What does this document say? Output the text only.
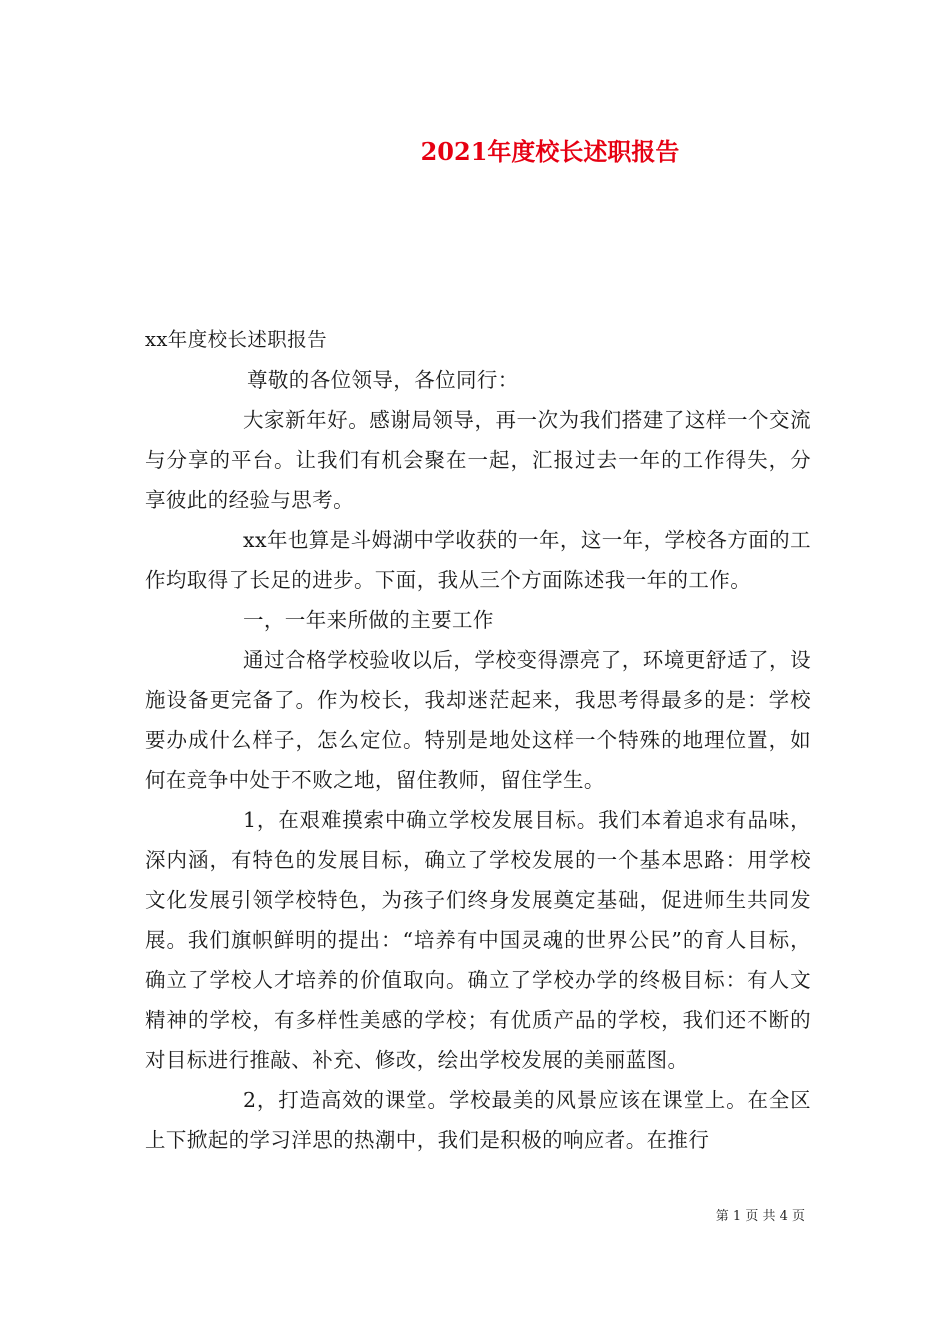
2021年度校长述职报告

xx年度校长述职报告

尊敬的各位领导，各位同行：

大家新年好。感谢局领导，再一次为我们搭建了这样一个交流与分享的平台。让我们有机会聚在一起，汇报过去一年的工作得失，分享彼此的经验与思考。

xx年也算是斗姆湖中学收获的一年，这一年，学校各方面的工作均取得了长足的进步。下面，我从三个方面陈述我一年的工作。

一，一年来所做的主要工作

通过合格学校验收以后，学校变得漂亮了，环境更舒适了，设施设备更完备了。作为校长，我却迷茫起来，我思考得最多的是：学校要办成什么样子，怎么定位。特别是地处这样一个特殊的地理位置，如何在竞争中处于不败之地，留住教师，留住学生。

1，在艰难摸索中确立学校发展目标。我们本着追求有品味，深内涵，有特色的发展目标，确立了学校发展的一个基本思路：用学校文化发展引领学校特色，为孩子们终身发展奠定基础，促进师生共同发展。我们旗帜鲜明的提出：“培养有中国灵魂的世界公民”的育人目标，确立了学校人才培养的价值取向。确立了学校办学的终极目标：有人文精神的学校，有多样性美感的学校；有优质产品的学校，我们还不断的对目标进行推敲、补充、修改，绘出学校发展的美丽蓝图。

2，打造高效的课堂。学校最美的风景应该在课堂上。在全区上下掀起的学习洋思的热潮中，我们是积极的响应者。在推行

第 1 页 共 4 页
